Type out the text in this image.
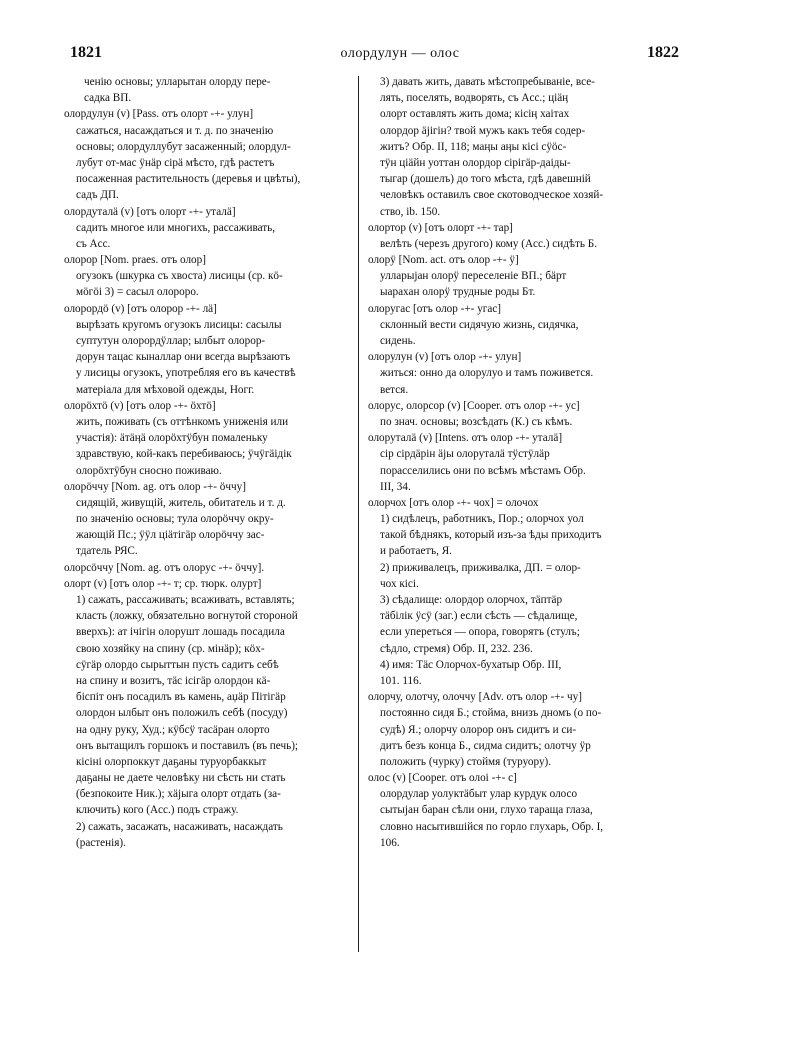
1821	олордулун — олос	1822
ченію основы; улларытан олорду пере-
садка ВП.
олордулун (v) [Pass. отъ олорт -+- улун]
сажаться, насаждаться и т. д. по значенію
основы; олордуллубут засаженный; олордул-
лубут от-мас ӱнӓр сірӓ мѣсто, гдѣ растетъ
посаженная растительность (деревья и цвѣты),
садъ ДП.
олордуталӓ (v) [отъ олорт -+- уталӓ]
садить многое или многихъ, рассаживать,
съ Acc.
олорор [Nom. praes. отъ олор]
огузокъ (шкурка съ хвоста) лисицы (ср. кӧ-
мӧгӧі 3) = сасыл олороро.
олорордӧ (v) [отъ олорор -+- лӓ]
вырѣзать кругомъ огузокъ лисицы: сасылы
суптутун олорордӱллар; ылбыт олорор-
дорун тацас кыналлар они всегда вырѣзаютъ
у лисицы огузокъ, употребляя его въ качествѣ
матеріала для мѣховой одежды, Ногг.
олорӧхтӧ (v) [отъ олор -+- ӧхтӧ]
жить, поживать (съ оттѣнкомъ униженія или
участія): ӓтӓӊӓ олорӧхтӱбун помаленьку
здравствую, кой-какъ перебиваюсь; ӱчӱгӓідік
олорӧхтӱбун сносно поживаю.
олорӧччу [Nom. ag. отъ олор -+- ӧччу]
сидящій, живущій, житель, обитатель и т. д.
по значенію основы; тула олорӧччу окру-
жающій Пс.; ӱӱл ціӓтігӓр олорӧччу зас-
тдатель РЯС.
олорсӧччу [Nom. ag. отъ олорус -+- ӧччу].
олорт (v) [отъ олор -+- т; ср. тюрк. олурт]
1) сажать, расcаживать; всаживать, вставлять;
класть (ложку, обязательно вогнутой стороной
вверхъ): ат ічігін олорушт лошадь посадила
свою хозяйку на спину (ср. мінӓр); кӧх-
сӱгӓр олордо сырыттын пусть садитъ себѣ
на спину и возитъ, тӓс ісігӓр олордон кӓ-
біспіт онъ посадилъ въ камень, аџӓр Пітігӓр
олордон ылбыт онъ положилъ себѣ (посуду)
на одну руку, Худ.; кӱбсӱ тасӓран олорто
онъ вытащилъ горшокъ и поставилъ (въ печь);
кісіні олорпоккут даҕаны туруорбаккыт
даҕаны не даете человѣку ни сѣсть ни стать
(безпокоите Ник.); хӓјыга олорт отдать (за-
ключить) кого (Acc.) подъ стражу.
2) сажать, засажать, насаживать, насаждать
(растенія).
3) давать жить, давать мѣстопребываніе, все-
лять, поселять, водворять, съ Acc.; ціӓӊ
олорт оставлять жить дома; кісіӊ хаітах
олордор ӓјігін? твой мужъ какъ тебя содер-
житъ? Обр. II, 118; маӊы аӊы кісі сӱӧс-
тӱн ціӓйн уоттан олордор сірігӓр-даіды-
тыгар (дошелъ) до того мѣста, гдѣ давешній
человѣкъ оставилъ свое скотоводческое хозяй-
ство, ib. 150.
олортор (v) [отъ олорт -+- тар]
велѣть (черезъ другого) кому (Acc.) сидѣть Б.
олорӱ [Nom. act. отъ олор -+- ӱ]
улларыјан олорӱ переселеніе ВП.; бӓрт
ыарахан олорӱ трудные роды Бт.
олоругас [отъ олор -+- угас]
склонный вести сидячую жизнь, сидячка,
сидень.
олорулун (v) [отъ олор -+- улун]
житься: онно да олорулуо и тамъ поживется.
вется.
олорус, олорсор (v) [Cooper. отъ олор -+- ус]
по знач. основы; возсѣдать (К.) съ кѣмъ.
олоруталӓ (v) [Intens. отъ олор -+- уталӓ]
сір сірдӓрін ӓјы олоруталӓ тӱстӱлӓр
порасселились они по всѣмъ мѣстамъ Обр.
III, 34.
олорчох [отъ олор -+- чох] = олочох
1) сидѣлецъ, работникъ, Пор.; олорчох уол
такой бѣднякъ, который изъ-за ѣды приходитъ
и работаетъ, Я.
2) приживалецъ, приживалка, ДП. = олор-
чох кісі.
3) сѣдалище: олордор олорчох, тӓптӓр
тӓбілік ӱсӱ (заг.) если сѣсть — сѣдалище,
если упереться — опора, говорятъ (стулъ;
сѣдло, стремя) Обр. II, 232. 236.
4) имя: Тӓс Олорчох-бухатыр Обр. III,
101. 116.
олорчу, олотчу, олоччу [Adv. отъ олор -+- чу]
постоянно сидя Б.; стойма, внизъ дномъ (о по-
судѣ) Я.; олорчу олорор онъ сидитъ и си-
дитъ безъ конца Б., сидма сидитъ; олотчу ӱр
положить (чурку) стоймя (туруору).
олос (v) [Cooper. отъ олоі -+- с]
олордулар уолуктӓбыт улар курдук олосо
сытыјан баран сѣли они, глухо тараща глаза,
словно насытившійся по горло глухарь, Обр. I,
106.
